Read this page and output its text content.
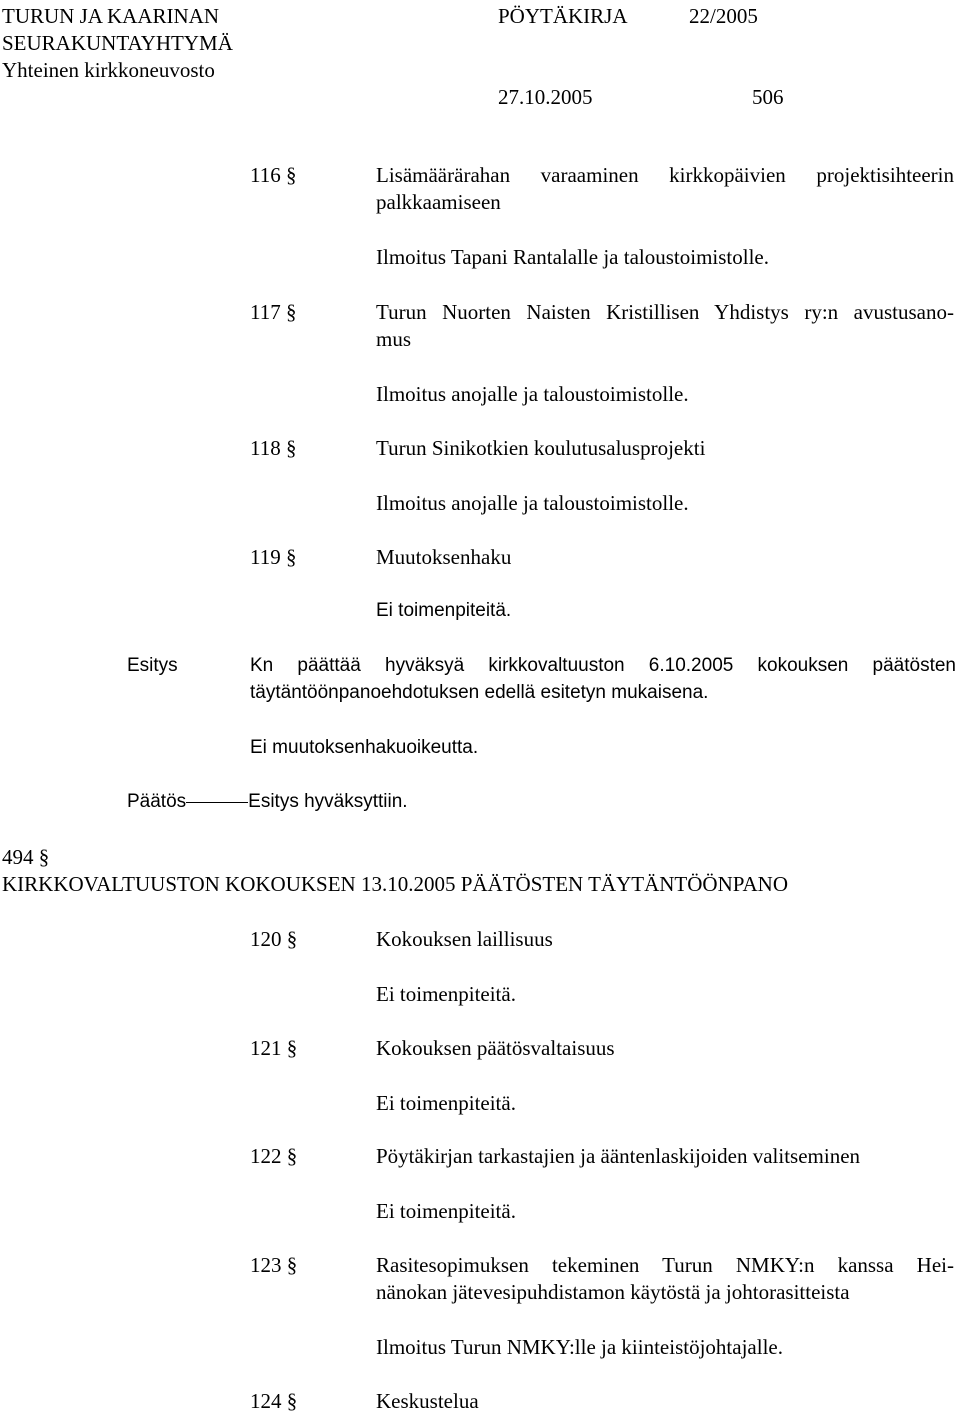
TURUN JA KAARINAN
SEURAKUNTAYHTYMÄ
Yhteinen kirkkoneuvosto
PÖYTÄKIRJA	22/2005
27.10.2005	506
116 §	Lisämäärärahan varaaminen kirkkopäivien projektisihteerin
palkkaamiseen
Ilmoitus Tapani Rantalalle ja taloustoimistolle.
117 §	Turun Nuorten Naisten Kristillisen Yhdistys ry:n avustusano-
mus
Ilmoitus anojalle ja taloustoimistolle.
118 §	Turun Sinikotkien koulutusalusprojekti
Ilmoitus anojalle ja taloustoimistolle.
119 §	Muutoksenhaku
Ei toimenpiteitä.
Esitys	Kn päättää hyväksyä kirkkovaltuuston 6.10.2005 kokouksen päätösten
täytäntöönpanoehdotuksen edellä esitetyn mukaisena.
Ei muutoksenhakuoikeutta.
Päätös	Esitys hyväksyttiin.
494 §
KIRKKOVALTUUSTON KOKOUKSEN 13.10.2005 PÄÄTÖSTEN TÄYTÄNTÖÖNPANO
120 §	Kokouksen laillisuus
Ei toimenpiteitä.
121 §	Kokouksen päätösvaltaisuus
Ei toimenpiteitä.
122 §	Pöytäkirjan tarkastajien ja ääntenlaskijoiden valitseminen
Ei toimenpiteitä.
123 §	Rasitesopimuksen tekeminen Turun NMKY:n kanssa Hei-
nänokan jätevesipuhdistamon käytöstä ja johtorasitteista
Ilmoitus Turun NMKY:lle ja kiinteistöjohtajalle.
124 §	Keskustelua
